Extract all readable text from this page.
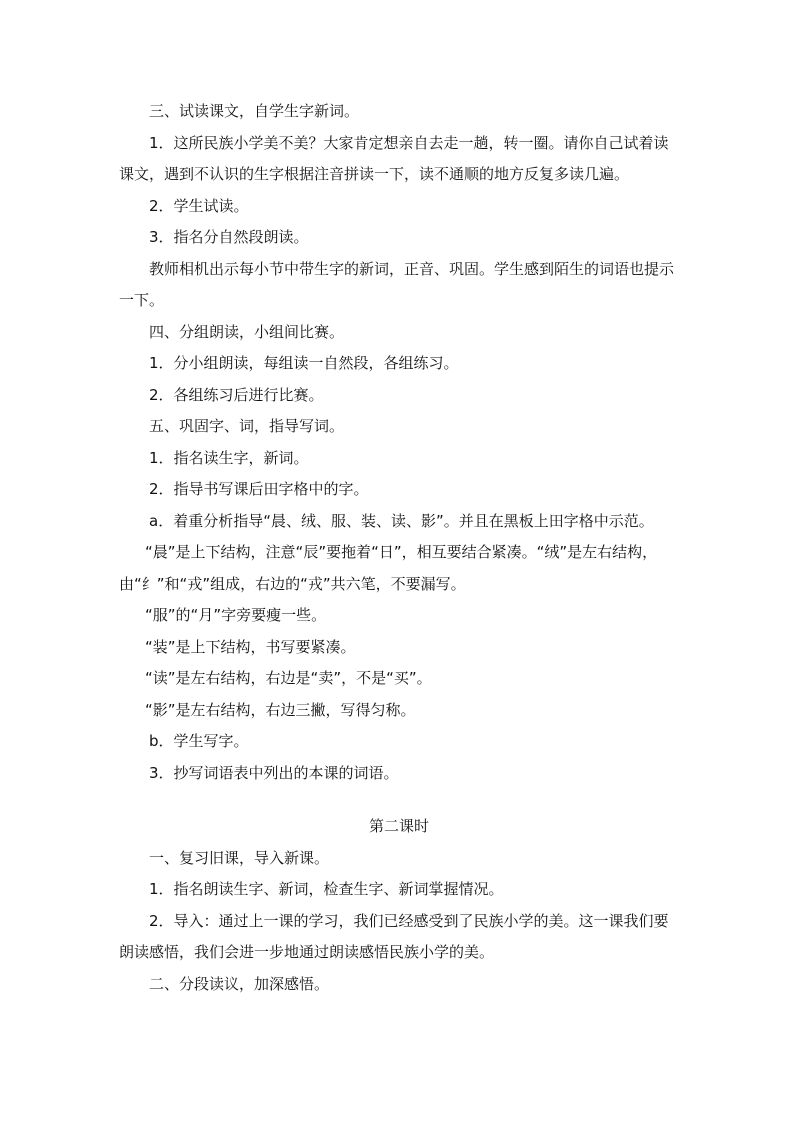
三、试读课文，自学生字新词。

1．这所民族小学美不美？大家肯定想亲自去走一趟，转一圈。请你自己试着读课文，遇到不认识的生字根据注音拼读一下，读不通顺的地方反复多读几遍。

2．学生试读。

3．指名分自然段朗读。

教师相机出示每小节中带生字的新词，正音、巩固。学生感到陌生的词语也提示一下。

四、分组朗读，小组间比赛。

1．分小组朗读，每组读一自然段，各组练习。

2．各组练习后进行比赛。

五、巩固字、词，指导写词。

1．指名读生字，新词。

2．指导书写课后田字格中的字。

a．着重分析指导“晨、绒、服、装、读、影”。并且在黑板上田字格中示范。

“晨”是上下结构，注意“辰”要拖着“日”，相互要结合紧凑。“绒”是左右结构，由“纟”和“戎”组成，右边的“戎”共六笔，不要漏写。

“服”的“月”字旁要瘦一些。

“装”是上下结构，书写要紧凑。

“读”是左右结构，右边是“卖”，不是“买”。

“影”是左右结构，右边三撇，写得匀称。

b．学生写字。

3．抄写词语表中列出的本课的词语。

第二课时

一、复习旧课，导入新课。

1．指名朗读生字、新词，检查生字、新词掌握情况。

2．导入：通过上一课的学习，我们已经感受到了民族小学的美。这一课我们要朗读感悟，我们会进一步地通过朗读感悟民族小学的美。

二、分段读议，加深感悟。
